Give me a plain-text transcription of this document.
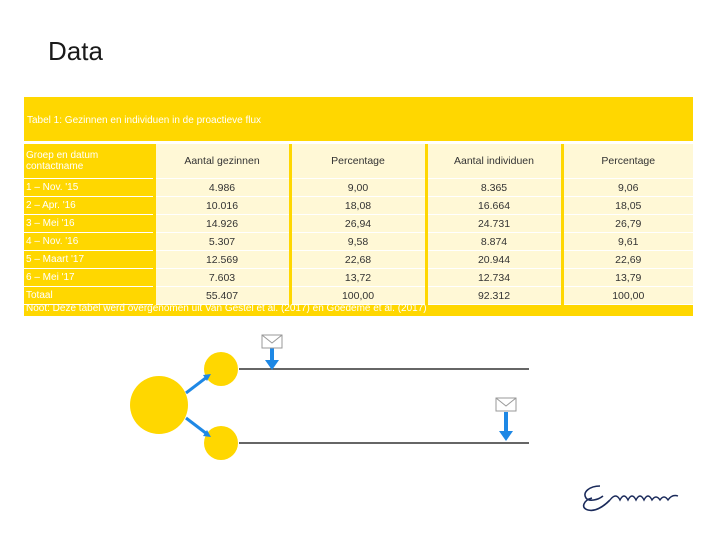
Data
Tabel 1: Gezinnen en individuen in de proactieve flux
Groep en datum contactname	Aantal gezinnen	Percentage	Aantal individuen	Percentage
1 – Nov. '15	4.986	9,00	8.365	9,06
2 – Apr. '16	10.016	18,08	16.664	18,05
3 – Mei '16	14.926	26,94	24.731	26,79
4 – Nov. '16	5.307	9,58	8.874	9,61
5 – Maart '17	12.569	22,68	20.944	22,69
6 – Mei '17	7.603	13,72	12.734	13,79
Totaal	55.407	100,00	92.312	100,00
Noot: Deze tabel werd overgenomen uit Van Gestel et al. (2017) en Goedemé et al. (2017)
